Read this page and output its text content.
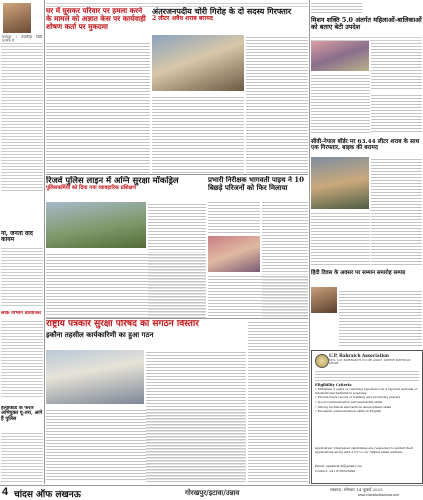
कानपुर । राजकीय डिग्री कालेज में...
ना, जनता वाद कायम
लोक विभाग प्रायोजित
हत्याकांड के फरार अभियुक्त यू-तरा, आगे हैं पुलिस
घर में घुसकर परिवार पर हमला करने के मामले को अज्ञात केस पर कार्यवाही शोषण कर्ता पर मुकदमा
अंतरजनपदीय चोरी गिरोह के दो सदस्य गिरफ्तार
2 लीटर अवैध शराब बरामद
रिजर्व पुलिस लाइन में अग्नि सुरक्षा मॉकड्रिल
पुलिसकर्मियों को दिया गया व्यावहारिक प्रशिक्षण
प्रभारी निरीक्षक भागवती पाइथ ने 10 बिछड़े परिजनों को फिर मिलाया
राष्ट्रीय पत्रकार सुरक्षा परिषद का संगठन विस्तार
इकौना तहसील कार्यकारिणी का हुआ गठन
मिशन शक्ति 5.0 अंतर्गत महिलाओं-बालिकाओं को बताए बेटी उपदेश
सीवी-नेपाल बॉर्डर पर 63.44 लीटर शराब के साथ एक गिरफ्तार, बाइक की बरामद
हिंदी दिवस के अवसर पर सम्मान समारोह सम्पन्न
U.P. Bahraich Association
M/S. U.P. BAHRAICH CO OP ASSN. UPPER KOHNGO SWAB
Eligibility Criteria
• Minimum 2 years of coaching experience in a reputed national or international badminton academy.
• Proven track record of training and producing players
• Good communication and leadership skills
• Strong technical and tactical development skills
• Excellent communication skills in English
Application: Interested candidates are requested to submit their applications along with a CV to our official email address.
Email: upbahraich@gmail.com
Contact: +91 9795325999
4 चांदस ऑफ लखनऊ	गोरखपुर/इटावा/उन्नाव	लखनऊ, सोमवार 14 जुलाई 2025
www.chandsoflucknow.com
